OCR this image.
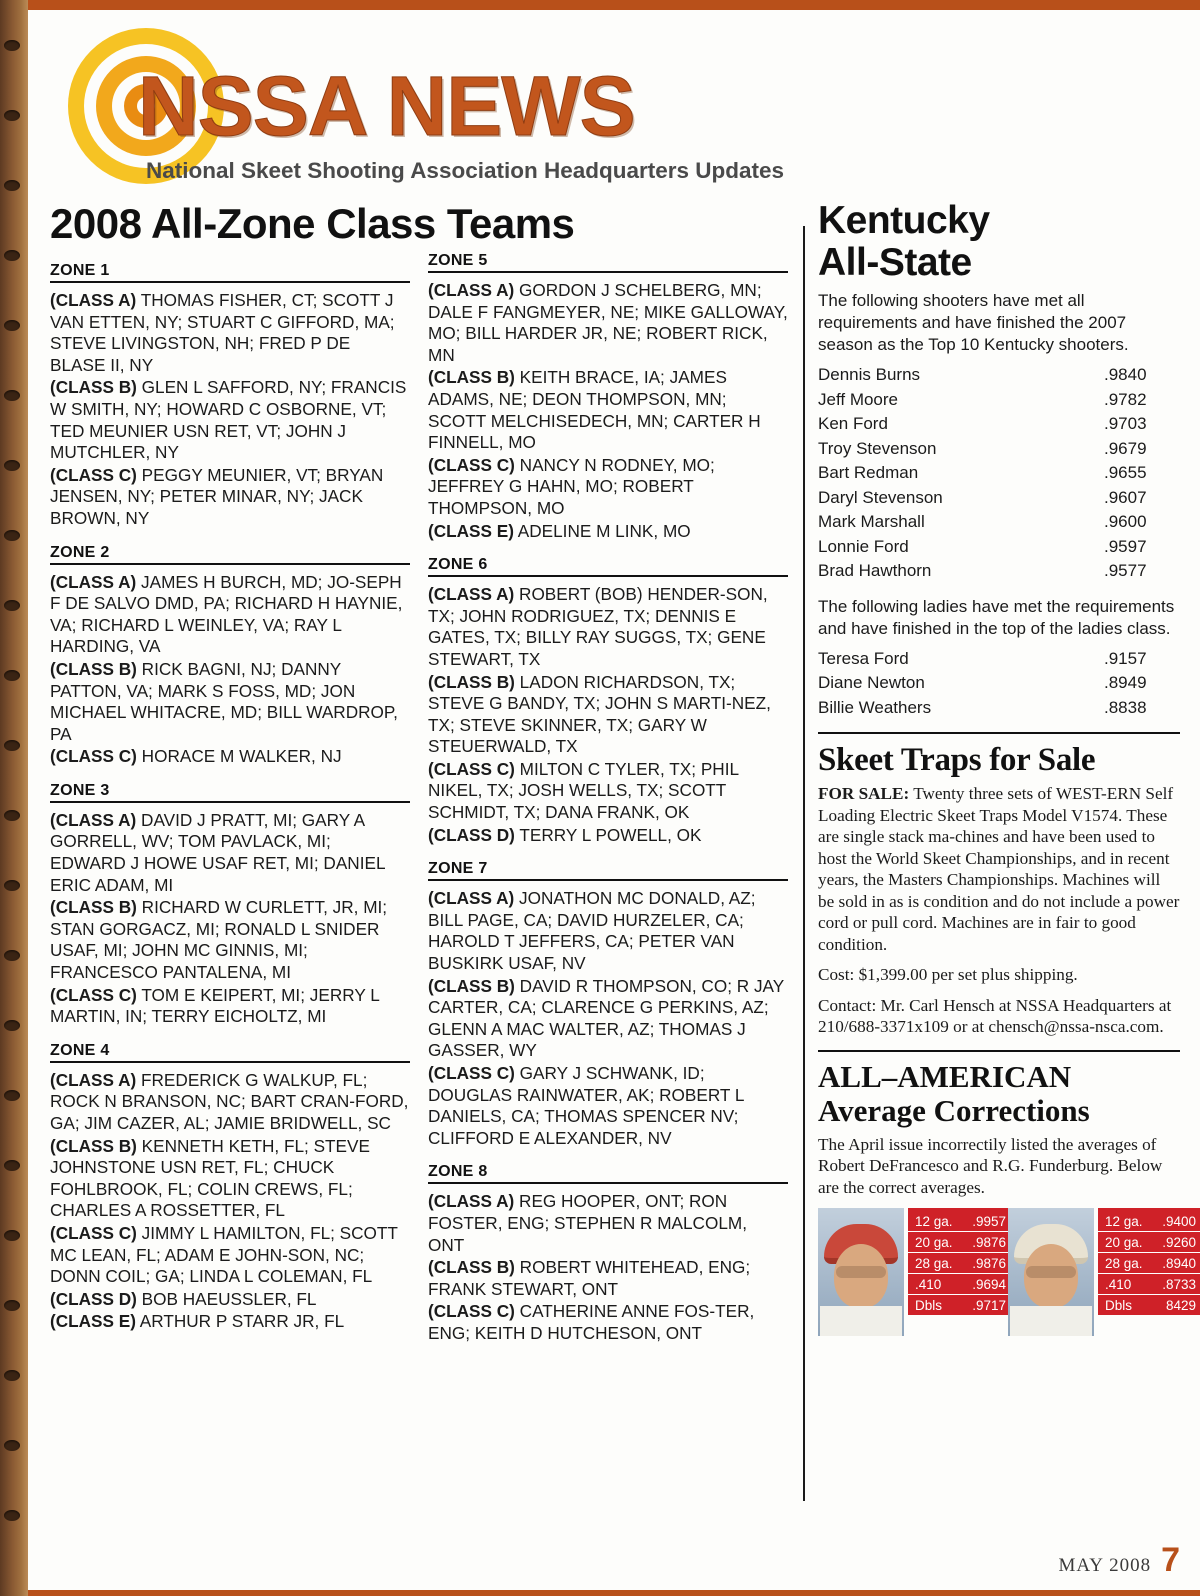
NSSA NEWS
National Skeet Shooting Association Headquarters Updates
2008 All-Zone Class Teams
ZONE 1
(CLASS A) THOMAS FISHER, CT; SCOTT J VAN ETTEN, NY; STUART C GIFFORD, MA; STEVE LIVINGSTON, NH; FRED P DE BLASE II, NY
(CLASS B) GLEN L SAFFORD, NY; FRANCIS W SMITH, NY; HOWARD C OSBORNE, VT; TED MEUNIER USN RET, VT; JOHN J MUTCHLER, NY
(CLASS C) PEGGY MEUNIER, VT; BRYAN JENSEN, NY; PETER MINAR, NY; JACK BROWN, NY
ZONE 2
(CLASS A) JAMES H BURCH, MD; JO-SEPH F DE SALVO DMD, PA; RICHARD H HAYNIE, VA; RICHARD L WEINLEY, VA; RAY L HARDING, VA
(CLASS B) RICK BAGNI, NJ; DANNY PATTON, VA; MARK S FOSS, MD; JON MICHAEL WHITACRE, MD; BILL WARDROP, PA
(CLASS C) HORACE M WALKER, NJ
ZONE 3
(CLASS A) DAVID J PRATT, MI; GARY A GORRELL, WV; TOM PAVLACK, MI; EDWARD J HOWE USAF RET, MI; DANIEL ERIC ADAM, MI
(CLASS B) RICHARD W CURLETT, JR, MI; STAN GORGACZ, MI; RONALD L SNIDER USAF, MI; JOHN MC GINNIS, MI; FRANCESCO PANTALENA, MI
(CLASS C) TOM E KEIPERT, MI; JERRY L MARTIN, IN; TERRY EICHOLTZ, MI
ZONE 4
(CLASS A) FREDERICK G WALKUP, FL; ROCK N BRANSON, NC; BART CRAN-FORD, GA; JIM CAZER, AL; JAMIE BRIDWELL, SC
(CLASS B) KENNETH KETH, FL; STEVE JOHNSTONE USN RET, FL; CHUCK FOHLBROOK, FL; COLIN CREWS, FL; CHARLES A ROSSETTER, FL
(CLASS C) JIMMY L HAMILTON, FL; SCOTT MC LEAN, FL; ADAM E JOHN-SON, NC; DONN COIL; GA; LINDA L COLEMAN, FL
(CLASS D) BOB HAEUSSLER, FL
(CLASS E) ARTHUR P STARR JR, FL
ZONE 5
(CLASS A) GORDON J SCHELBERG, MN; DALE F FANGMEYER, NE; MIKE GALLOWAY, MO; BILL HARDER JR, NE; ROBERT RICK, MN
(CLASS B) KEITH BRACE, IA; JAMES ADAMS, NE; DEON THOMPSON, MN; SCOTT MELCHISEDECH, MN; CARTER H FINNELL, MO
(CLASS C) NANCY N RODNEY, MO; JEFFREY G HAHN, MO; ROBERT THOMPSON, MO
(CLASS E) ADELINE M LINK, MO
ZONE 6
(CLASS A) ROBERT (BOB) HENDER-SON, TX; JOHN RODRIGUEZ, TX; DENNIS E GATES, TX; BILLY RAY SUGGS, TX; GENE STEWART, TX
(CLASS B) LADON RICHARDSON, TX; STEVE G BANDY, TX; JOHN S MARTI-NEZ, TX; STEVE SKINNER, TX; GARY W STEUERWALD, TX
(CLASS C) MILTON C TYLER, TX; PHIL NIKEL, TX; JOSH WELLS, TX; SCOTT SCHMIDT, TX; DANA FRANK, OK
(CLASS D) TERRY L POWELL, OK
ZONE 7
(CLASS A) JONATHON MC DONALD, AZ; BILL PAGE, CA; DAVID HURZELER, CA; HAROLD T JEFFERS, CA; PETER VAN BUSKIRK USAF, NV
(CLASS B) DAVID R THOMPSON, CO; R JAY CARTER, CA; CLARENCE G PERKINS, AZ; GLENN A MAC WALTER, AZ; THOMAS J GASSER, WY
(CLASS C) GARY J SCHWANK, ID; DOUGLAS RAINWATER, AK; ROBERT L DANIELS, CA; THOMAS SPENCER NV; CLIFFORD E ALEXANDER, NV
ZONE 8
(CLASS A) REG HOOPER, ONT; RON FOSTER, ENG; STEPHEN R MALCOLM, ONT
(CLASS B) ROBERT WHITEHEAD, ENG; FRANK STEWART, ONT
(CLASS C) CATHERINE ANNE FOS-TER, ENG; KEITH D HUTCHESON, ONT
Kentucky
All-State
The following shooters have met all requirements and have finished the 2007 season as the Top 10 Kentucky shooters.
Dennis Burns	.9840
Jeff Moore	.9782
Ken Ford	.9703
Troy Stevenson	.9679
Bart Redman	.9655
Daryl Stevenson	.9607
Mark Marshall	.9600
Lonnie Ford	.9597
Brad Hawthorn	.9577
The following ladies have met the requirements and have finished in the top of the ladies class.
Teresa Ford	.9157
Diane Newton	.8949
Billie Weathers	.8838
Skeet Traps for Sale
FOR SALE: Twenty three sets of WEST-ERN Self Loading Electric Skeet Traps Model V1574. These are single stack ma-chines and have been used to host the World Skeet Championships, and in recent years, the Masters Championships. Machines will be sold in as is condition and do not include a power cord or pull cord. Machines are in fair to good condition.
Cost: $1,399.00 per set plus shipping.
Contact: Mr. Carl Hensch at NSSA Headquarters at 210/688-3371x109 or at chensch@nssa-nsca.com.
ALL–AMERICAN
Average Corrections
The April issue incorrectily listed the averages of Robert DeFrancesco and R.G. Funderburg. Below are the correct averages.
12 ga. .9957
20 ga. .9876
28 ga. .9876
.410 .9694
Dbls .9717
12 ga. .9400
20 ga. .9260
28 ga. .8940
.410 .8733
Dbls	8429
MAY 2008 7
